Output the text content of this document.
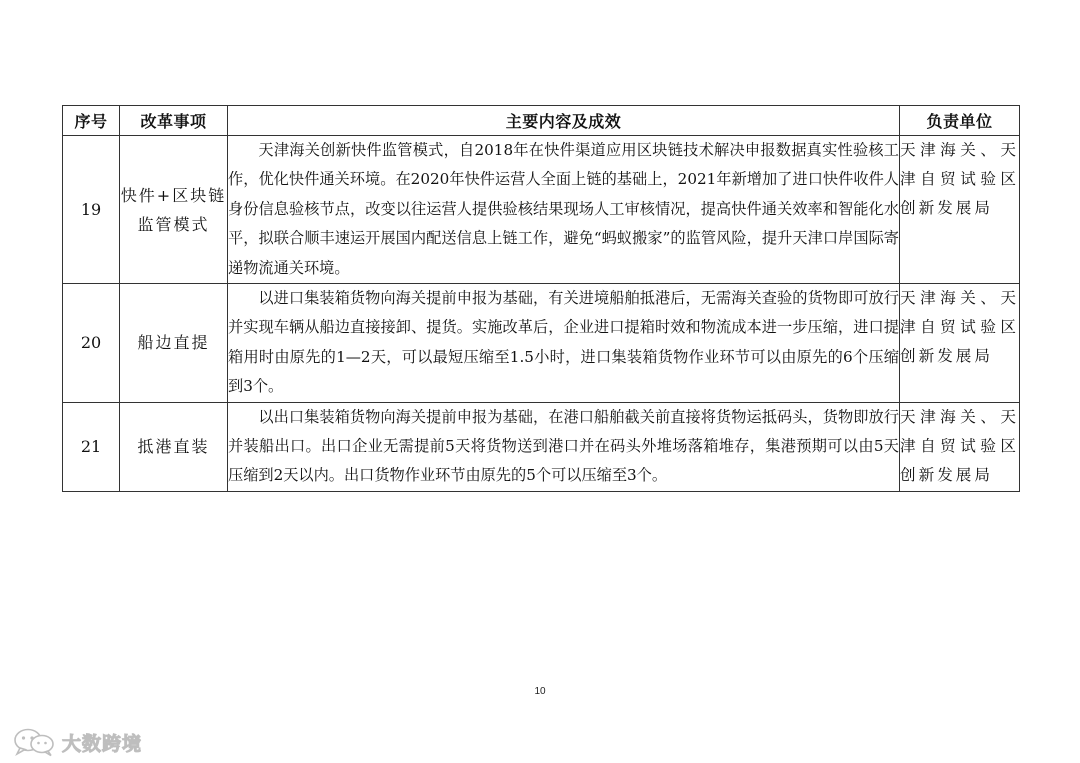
序号	改革事项	主要内容及成效	负责单位
19	快件+区块链监管模式	天津海关创新快件监管模式，自2018年在快件渠道应用区块链技术解决申报数据真实性验核工作，优化快件通关环境。在2020年快件运营人全面上链的基础上，2021年新增加了进口快件收件人身份信息验核节点，改变以往运营人提供验核结果现场人工审核情况，提高快件通关效率和智能化水平，拟联合顺丰速运开展国内配送信息上链工作，避免“蚂蚁搬家”的监管风险，提升天津口岸国际寄递物流通关环境。	天津海关、天津自贸试验区创新发展局
20	船边直提	以进口集装箱货物向海关提前申报为基础，有关进境船舶抵港后，无需海关查验的货物即可放行并实现车辆从船边直接接卸、提货。实施改革后，企业进口提箱时效和物流成本进一步压缩，进口提箱用时由原先的1—2天，可以最短压缩至1.5小时，进口集装箱货物作业环节可以由原先的6个压缩到3个。	天津海关、天津自贸试验区创新发展局
21	抵港直装	以出口集装箱货物向海关提前申报为基础，在港口船舶截关前直接将货物运抵码头，货物即放行并装船出口。出口企业无需提前5天将货物送到港口并在码头外堆场落箱堆存，集港预期可以由5天压缩到2天以内。出口货物作业环节由原先的5个可以压缩至3个。	天津海关、天津自贸试验区创新发展局
10
大数跨境
